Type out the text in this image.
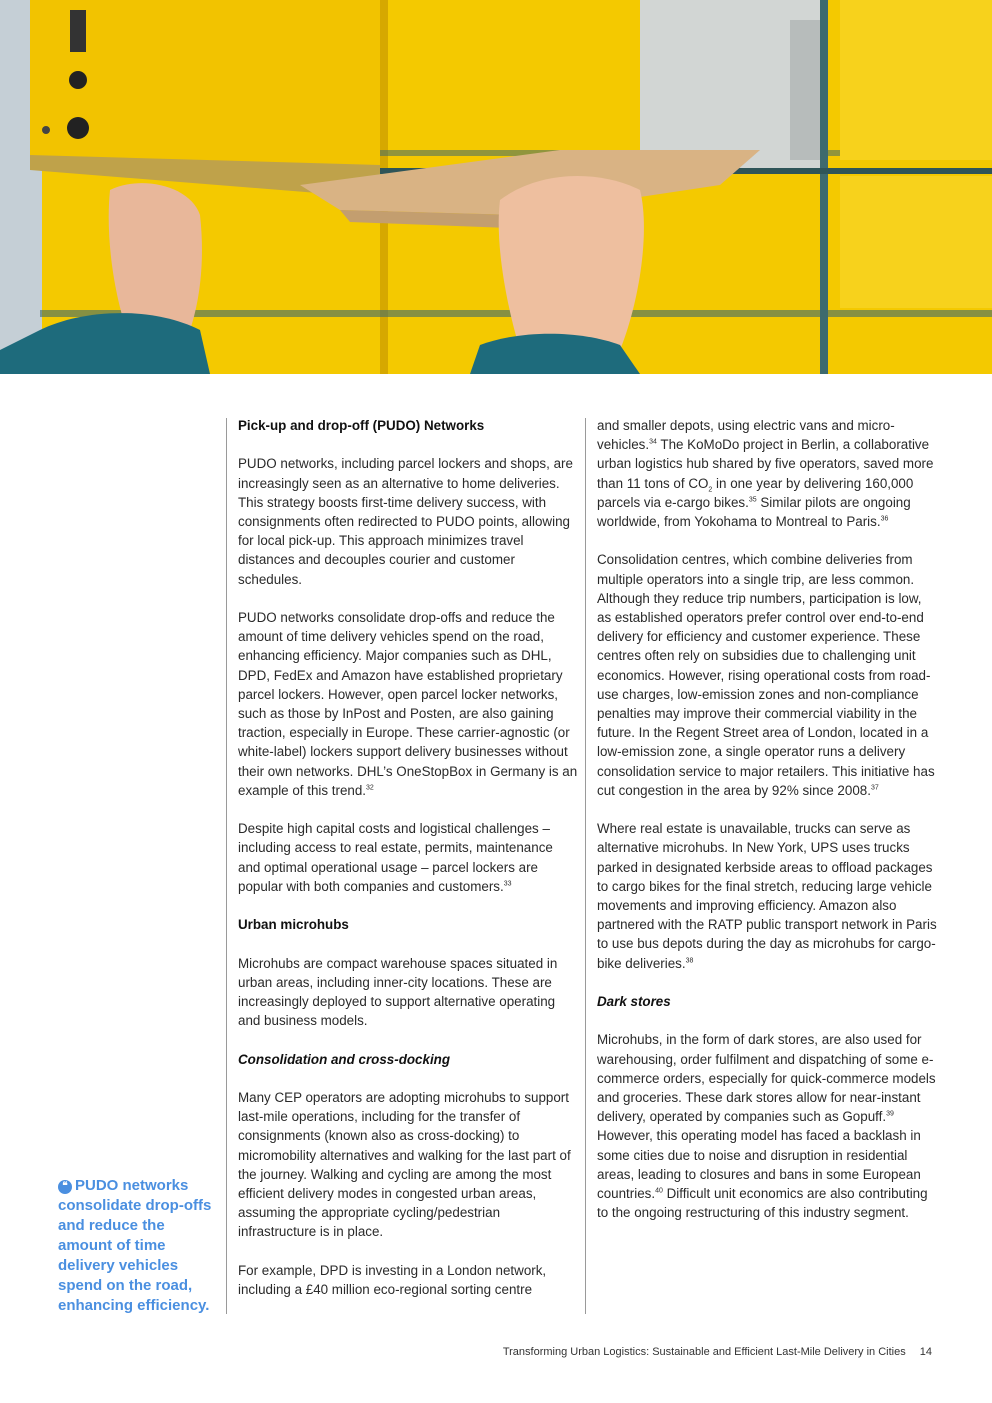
Pick-up and drop-off (PUDO) Networks

PUDO networks, including parcel lockers and shops, are increasingly seen as an alternative to home deliveries. This strategy boosts first-time delivery success, with consignments often redirected to PUDO points, allowing for local pick-up. This approach minimizes travel distances and decouples courier and customer schedules.

PUDO networks consolidate drop-offs and reduce the amount of time delivery vehicles spend on the road, enhancing efficiency. Major companies such as DHL, DPD, FedEx and Amazon have established proprietary parcel lockers. However, open parcel locker networks, such as those by InPost and Posten, are also gaining traction, especially in Europe. These carrier-agnostic (or white-label) lockers support delivery businesses without their own networks. DHL’s OneStopBox in Germany is an example of this trend.$^{32}$

Despite high capital costs and logistical challenges – including access to real estate, permits, maintenance and optimal operational usage – parcel lockers are popular with both companies and customers.$^{33}$

Urban microhubs

Microhubs are compact warehouse spaces situated in urban areas, including inner-city locations. These are increasingly deployed to support alternative operating and business models.

Consolidation and cross-docking

Many CEP operators are adopting microhubs to support last-mile operations, including for the transfer of consignments (known also as cross-docking) to micromobility alternatives and walking for the last part of the journey. Walking and cycling are among the most efficient delivery modes in congested urban areas, assuming the appropriate cycling/pedestrian infrastructure is in place.

For example, DPD is investing in a London network, including a £40 million eco-regional sorting centre

and smaller depots, using electric vans and micro-vehicles.$^{34}$ The KoMoDo project in Berlin, a collaborative urban logistics hub shared by five operators, saved more than 11 tons of $CO_2$ in one year by delivering 160,000 parcels via e-cargo bikes.$^{35}$ Similar pilots are ongoing worldwide, from Yokohama to Montreal to Paris.$^{36}$

Consolidation centres, which combine deliveries from multiple operators into a single trip, are less common. Although they reduce trip numbers, participation is low, as established operators prefer control over end-to-end delivery for efficiency and customer experience. These centres often rely on subsidies due to challenging unit economics. However, rising operational costs from road-use charges, low-emission zones and non-compliance penalties may improve their commercial viability in the future. In the Regent Street area of London, located in a low-emission zone, a single operator runs a delivery consolidation service to major retailers. This initiative has cut congestion in the area by 92% since 2008.37

Where real estate is unavailable, trucks can serve as alternative microhubs. In New York, UPS uses trucks parked in designated kerbside areas to offload packages to cargo bikes for the final stretch, reducing large vehicle movements and improving efficiency. Amazon also partnered with the RATP public transport network in Paris to use bus depots during the day as microhubs for cargo-bike deliveries.$^{38}$

Dark stores

Microhubs, in the form of dark stores, are also used for warehousing, order fulfilment and dispatching of some e-commerce orders, especially for quick-commerce models and groceries. These dark stores allow for near-instant delivery, operated by companies such as Gopuff.$^{39}$ However, this operating model has faced a backlash in some cities due to noise and disruption in residential areas, leading to closures and bans in some European countries.$^{40}$ Difficult unit economics are also contributing to the ongoing restructuring of this industry segment.

❝ PUDO networks consolidate drop-offs and reduce the amount of time delivery vehicles spend on the road, enhancing efficiency.
Transforming Urban Logistics: Sustainable and Efficient Last-Mile Delivery in Cities 14
